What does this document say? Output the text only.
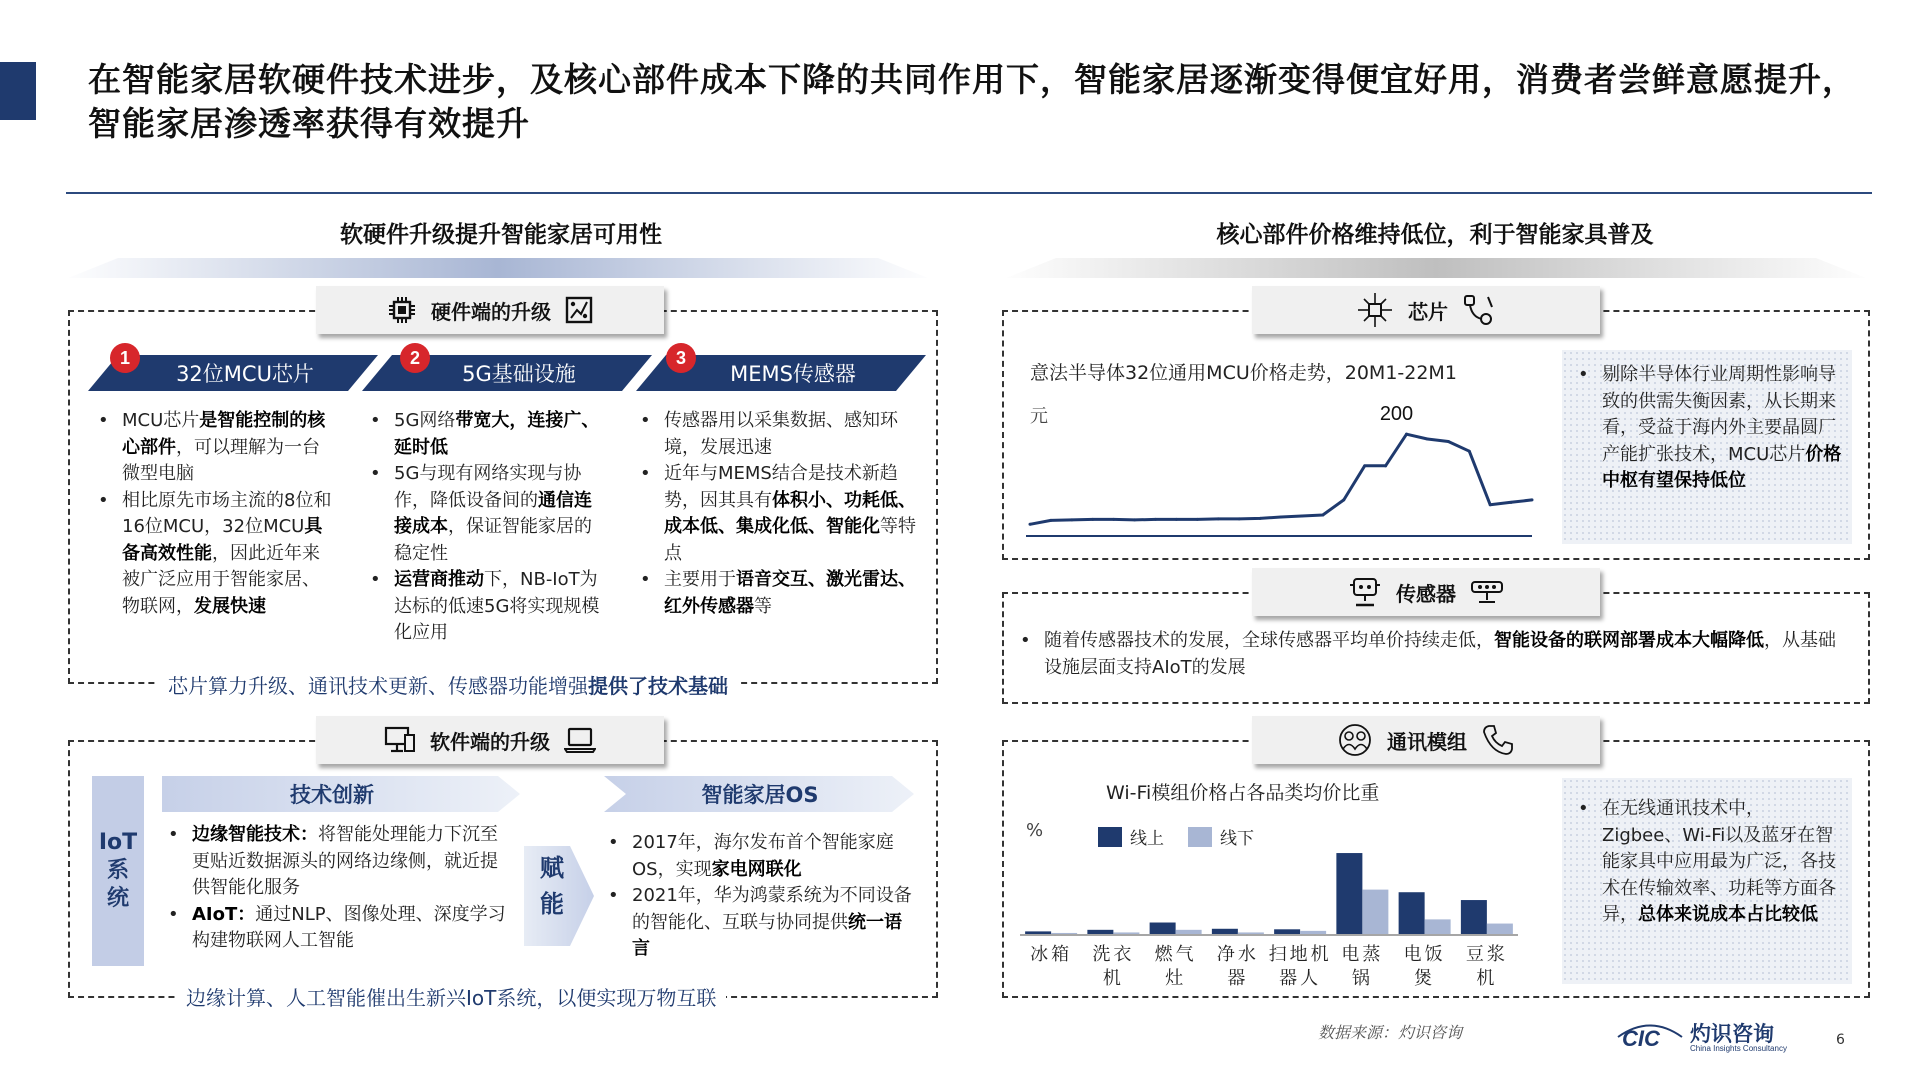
在智能家居软硬件技术进步，及核心部件成本下降的共同作用下，智能家居逐渐变得便宜好用，消费者尝鲜意愿提升，智能家居渗透率获得有效提升
软硬件升级提升智能家居可用性
硬件端的升级
32位MCU芯片
1
5G基础设施
2
MEMS传感器
3
• MCU芯片是智能控制的核心部件，可以理解为一台微型电脑
• 相比原先市场主流的8位和16位MCU，32位MCU具备高效性能，因此近年来被广泛应用于智能家居、物联网，发展快速
• 5G网络带宽大，连接广、延时低
• 5G与现有网络实现与协作，降低设备间的通信连接成本，保证智能家居的稳定性
• 运营商推动下，NB-IoT为达标的低速5G将实现规模化应用
• 传感器用以采集数据、感知环境，发展迅速
• 近年与MEMS结合是技术新趋势，因其具有体积小、功耗低、成本低、集成化低、智能化等特点
• 主要用于语音交互、激光雷达、红外传感器等
芯片算力升级、通讯技术更新、传感器功能增强提供了技术基础
软件端的升级
IoT
系
统
技术创新	智能家居OS
• 边缘智能技术：将智能处理能力下沉至更贴近数据源头的网络边缘侧，就近提供智能化服务
• AIoT：通过NLP、图像处理、深度学习构建物联网人工智能
赋
能
• 2017年，海尔发布首个智能家庭OS，实现家电网联化
• 2021年，华为鸿蒙系统为不同设备的智能化、互联与协同提供统一语言
边缘计算、人工智能催出生新兴IoT系统，以便实现万物互联
核心部件价格维持低位，利于智能家具普及
芯片
意法半导体32位通用MCU价格走势，20M1-22M1
元	200
• 剔除半导体行业周期性影响导致的供需失衡因素，从长期来看，受益于海内外主要晶圆厂产能扩张技术，MCU芯片价格中枢有望保持低位
传感器
• 随着传感器技术的发展，全球传感器平均单价持续走低，智能设备的联网部署成本大幅降低，从基础设施层面支持AIoT的发展
通讯模组
Wi-Fi模组价格占各品类均价比重
%	线上	线下
冰箱 洗衣
机
燃气
灶
净水
器
扫地机
器人
电蒸
锅
电饭
煲
豆浆
机
• 在无线通讯技术中，Zigbee、Wi-Fi以及蓝牙在智能家具中应用最为广泛，各技术在传输效率、功耗等方面各异，总体来说成本占比较低
数据来源：灼识咨询	CIC 灼识咨询
China Insights Consultancy
6
